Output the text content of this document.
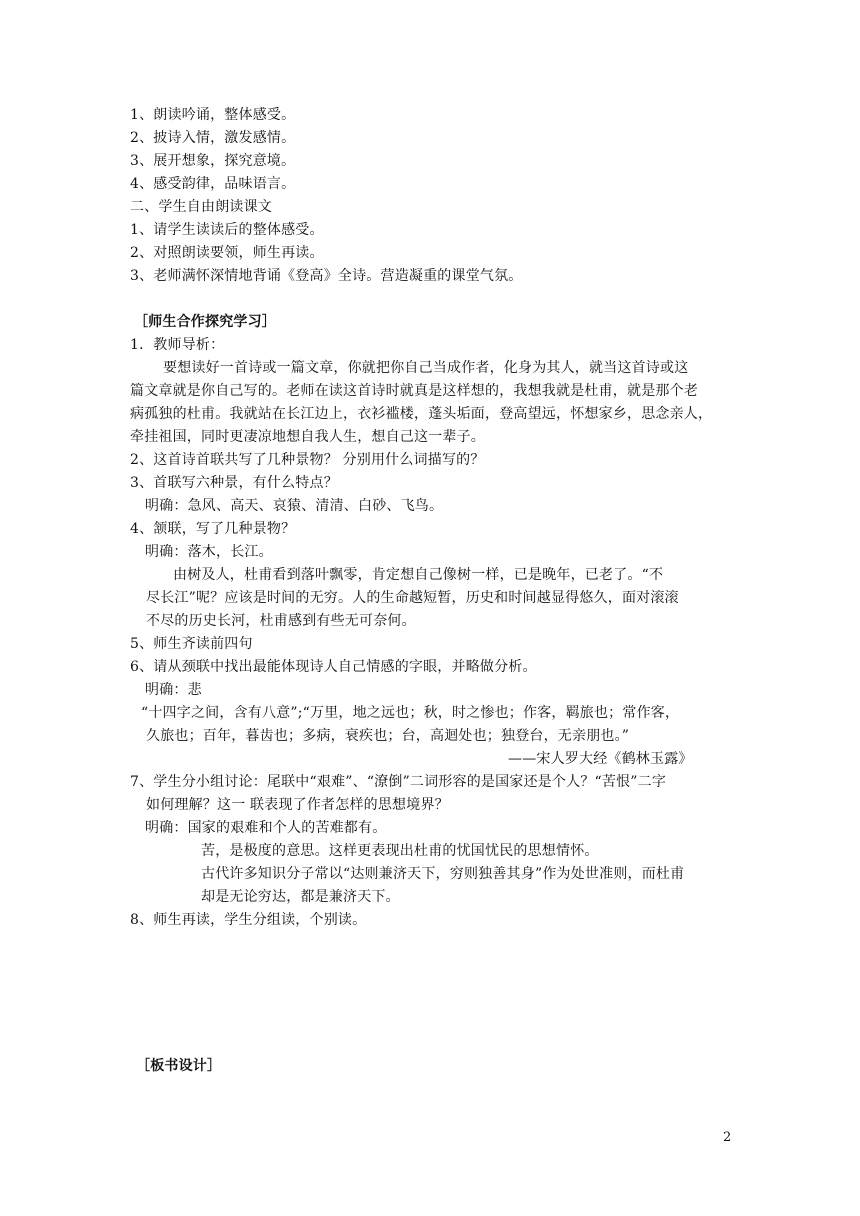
1、朗读吟诵，整体感受。
2、披诗入情，激发感情。
3、展开想象，探究意境。
4、感受韵律，品味语言。
二、学生自由朗读课文
1、请学生读读后的整体感受。
2、对照朗读要领，师生再读。
3、老师满怀深情地背诵《登高》全诗。营造凝重的课堂气氛。
［师生合作探究学习］
1．教师导析：
要想读好一首诗或一篇文章，你就把你自己当成作者，化身为其人，就当这首诗或这
篇文章就是你自己写的。老师在读这首诗时就真是这样想的，我想我就是杜甫，就是那个老
病孤独的杜甫。我就站在长江边上，衣衫褴楼，蓬头垢面，登高望远，怀想家乡，思念亲人，
牵挂祖国，同时更凄凉地想自我人生，想自己这一辈子。
2、这首诗首联共写了几种景物？ 分别用什么词描写的？
3、首联写六种景，有什么特点？
明确：急风、高天、哀猿、清清、白砂、飞鸟。
4、颔联，写了几种景物？
明确：落木，长江。
由树及人，杜甫看到落叶飘零，肯定想自己像树一样，已是晚年，已老了。“不
尽长江”呢？应该是时间的无穷。人的生命越短暂，历史和时间越显得悠久，面对滚滚
不尽的历史长河，杜甫感到有些无可奈何。
5、师生齐读前四句
6、请从颈联中找出最能体现诗人自己情感的字眼，并略做分析。
明确：悲
“十四字之间，含有八意”;“万里，地之远也；秋，时之惨也；作客，羁旅也；常作客，
久旅也；百年，暮齿也；多病，衰疾也；台，高迴处也；独登台，无亲朋也。”
——宋人罗大经《鹤林玉露》
7、学生分小组讨论：尾联中“艰难”、“潦倒”二词形容的是国家还是个人？“苦恨”二字
如何理解？这一 联表现了作者怎样的思想境界？
明确：国家的艰难和个人的苦难都有。
苦，是极度的意思。这样更表现出杜甫的忧国忧民的思想情怀。
古代许多知识分子常以“达则兼济天下，穷则独善其身”作为处世准则，而杜甫
却是无论穷达，都是兼济天下。
8、师生再读，学生分组读，个别读。
［板书设计］
2
